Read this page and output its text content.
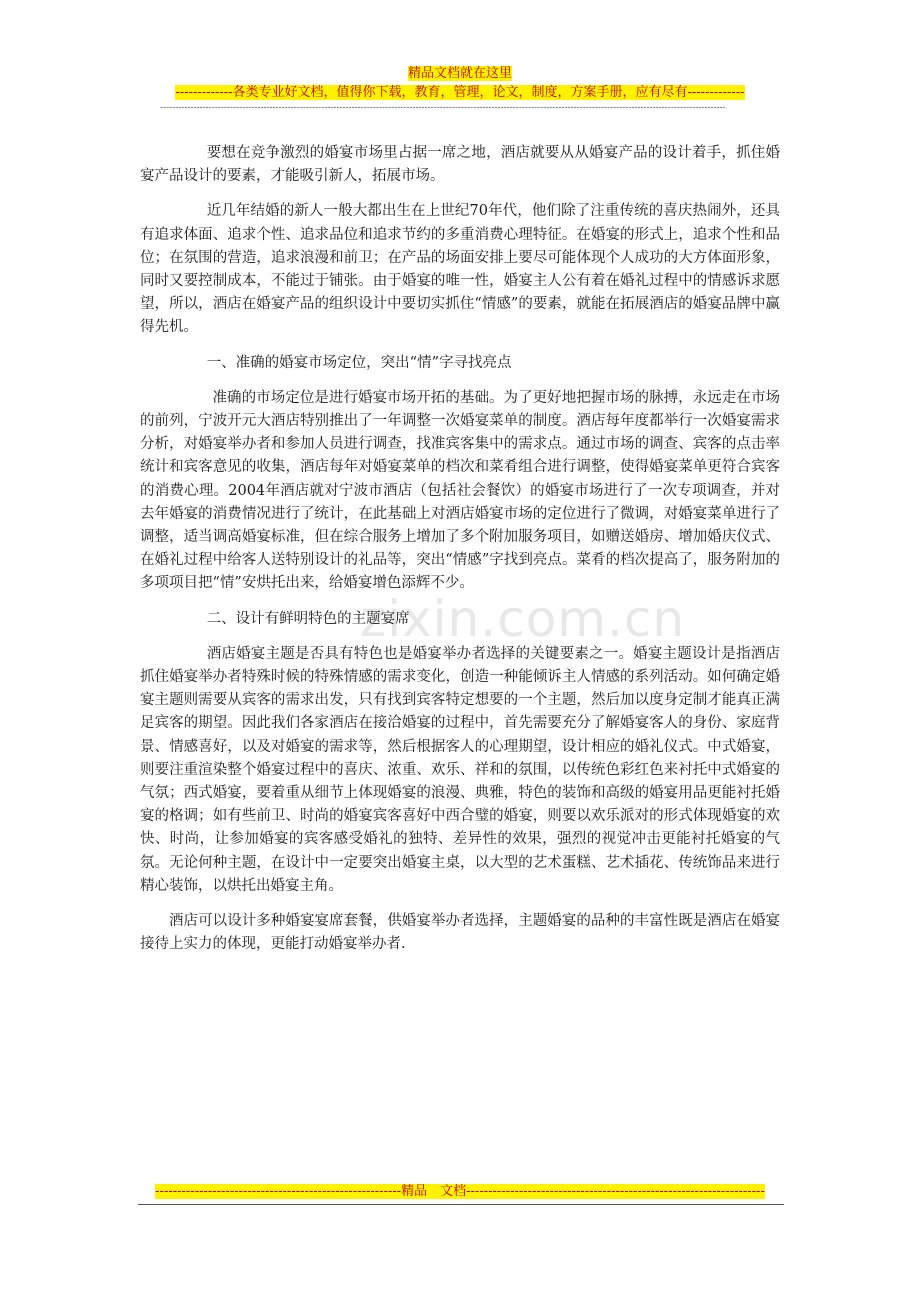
精品文档就在这里
-------------各类专业好文档，值得你下载，教育，管理，论文，制度，方案手册，应有尽有-------------
------------------------------------------------------------------------------------------------------------------------------------------------------------------------------------------
zixin.com.cn

要想在竞争激烈的婚宴市场里占据一席之地，酒店就要从从婚宴产品的设计着手，抓住婚宴产品设计的要素，才能吸引新人，拓展市场。

近几年结婚的新人一般大都出生在上世纪70年代，他们除了注重传统的喜庆热闹外，还具有追求体面、追求个性、追求品位和追求节约的多重消费心理特征。在婚宴的形式上，追求个性和品位；在氛围的营造，追求浪漫和前卫；在产品的场面安排上要尽可能体现个人成功的大方体面形象，同时又要控制成本，不能过于铺张。由于婚宴的唯一性，婚宴主人公有着在婚礼过程中的情感诉求愿望，所以，酒店在婚宴产品的组织设计中要切实抓住“情感”的要素，就能在拓展酒店的婚宴品牌中赢得先机。

一、准确的婚宴市场定位，突出“情”字寻找亮点

准确的市场定位是进行婚宴市场开拓的基础。为了更好地把握市场的脉搏，永远走在市场的前列，宁波开元大酒店特别推出了一年调整一次婚宴菜单的制度。酒店每年度都举行一次婚宴需求分析，对婚宴举办者和参加人员进行调查，找准宾客集中的需求点。通过市场的调查、宾客的点击率统计和宾客意见的收集，酒店每年对婚宴菜单的档次和菜肴组合进行调整，使得婚宴菜单更符合宾客的消费心理。2004年酒店就对宁波市酒店（包括社会餐饮）的婚宴市场进行了一次专项调查，并对去年婚宴的消费情况进行了统计，在此基础上对酒店婚宴市场的定位进行了微调，对婚宴菜单进行了调整，适当调高婚宴标准，但在综合服务上增加了多个附加服务项目，如赠送婚房、增加婚庆仪式、在婚礼过程中给客人送特别设计的礼品等，突出“情感”字找到亮点。菜肴的档次提高了，服务附加的多项项目把“情”安烘托出来，给婚宴增色添辉不少。

二、设计有鲜明特色的主题宴席

酒店婚宴主题是否具有特色也是婚宴举办者选择的关键要素之一。婚宴主题设计是指酒店抓住婚宴举办者特殊时候的特殊情感的需求变化，创造一种能倾诉主人情感的系列活动。如何确定婚宴主题则需要从宾客的需求出发，只有找到宾客特定想要的一个主题，然后加以度身定制才能真正满足宾客的期望。因此我们各家酒店在接洽婚宴的过程中，首先需要充分了解婚宴客人的身份、家庭背景、情感喜好，以及对婚宴的需求等，然后根据客人的心理期望，设计相应的婚礼仪式。中式婚宴，则要注重渲染整个婚宴过程中的喜庆、浓重、欢乐、祥和的氛围，以传统色彩红色来衬托中式婚宴的气氛；西式婚宴，要着重从细节上体现婚宴的浪漫、典雅，特色的装饰和高级的婚宴用品更能衬托婚宴的格调；如有些前卫、时尚的婚宴宾客喜好中西合璧的婚宴，则要以欢乐派对的形式体现婚宴的欢快、时尚，让参加婚宴的宾客感受婚礼的独特、差异性的效果，强烈的视觉冲击更能衬托婚宴的气氛。无论何种主题，在设计中一定要突出婚宴主桌，以大型的艺术蛋糕、艺术插花、传统饰品来进行精心装饰，以烘托出婚宴主角。

酒店可以设计多种婚宴宴席套餐，供婚宴举办者选择，主题婚宴的品种的丰富性既是酒店在婚宴接待上实力的体现，更能打动婚宴举办者.

--------------------------------------------------------精品　文档--------------------------------------------------------------------
